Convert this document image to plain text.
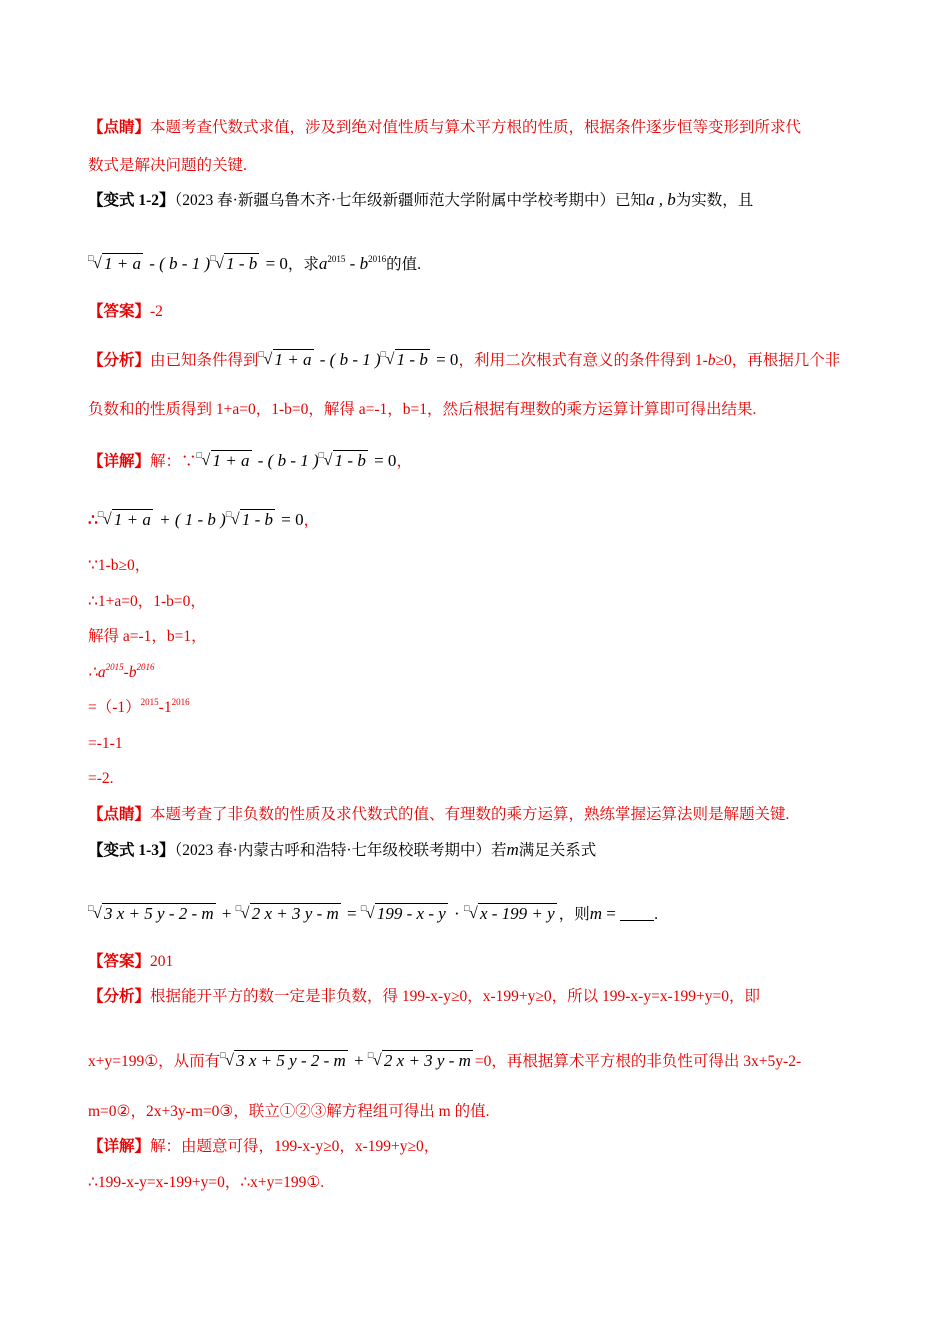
【点睛】本题考查代数式求值，涉及到绝对值性质与算术平方根的性质，根据条件逐步恒等变形到所求代
数式是解决问题的关键.
【变式 1-2】（2023 春·新疆乌鲁木齐·七年级新疆师范大学附属中学校考期中）已知a , b为实数，且
□ √ 1 + a - ( b - 1 ) □ √ 1 - b = 0，求$a^{2015} - b^{2016}$的值.
【答案】-2
【分析】由已知条件得到 □ √ 1 + a - ( b - 1 ) □ √ 1 - b = 0，利用二次根式有意义的条件得到 1-b≥0，再根据几个非
负数和的性质得到 1+a=0，1-b=0，解得 a=-1，b=1，然后根据有理数的乘方运算计算即可得出结果.
【详解】解：∵ □ √ 1 + a - ( b - 1 ) □ √ 1 - b = 0，
∴ □ √ 1 + a + ( 1 - b ) □ √ 1 - b = 0，
∵1-b≥0，
∴1+a=0，1-b=0，
解得 a=-1，b=1，
$\therefore a^{2015}-b^{2016}$
$=(-1)^{2015}-1^{2016}$
=-1-1
=-2.
【点睛】本题考查了非负数的性质及求代数式的值、有理数的乘方运算，熟练掌握运算法则是解题关键.
【变式 1-3】（2023 春·内蒙古呼和浩特·七年级校联考期中）若m满足关系式
□ √ 3 x + 5 y - 2 - m + □ √ 2 x + 3 y - m = □ √ 199 - x - y · □ √ x - 199 + y ，则m = .
【答案】201
【分析】根据能开平方的数一定是非负数，得 199-x-y≥0，x-199+y≥0，所以 199-x-y=x-199+y=0，即
x+y=199①，从而有 □ √ 3 x + 5 y - 2 - m + □ √ 2 x + 3 y - m =0，再根据算术平方根的非负性可得出 3x+5y-2-
m=0②，2x+3y-m=0③，联立①②③解方程组可得出 m 的值.
【详解】解：由题意可得，199-x-y≥0，x-199+y≥0，
∴199-x-y=x-199+y=0，∴x+y=199①.
